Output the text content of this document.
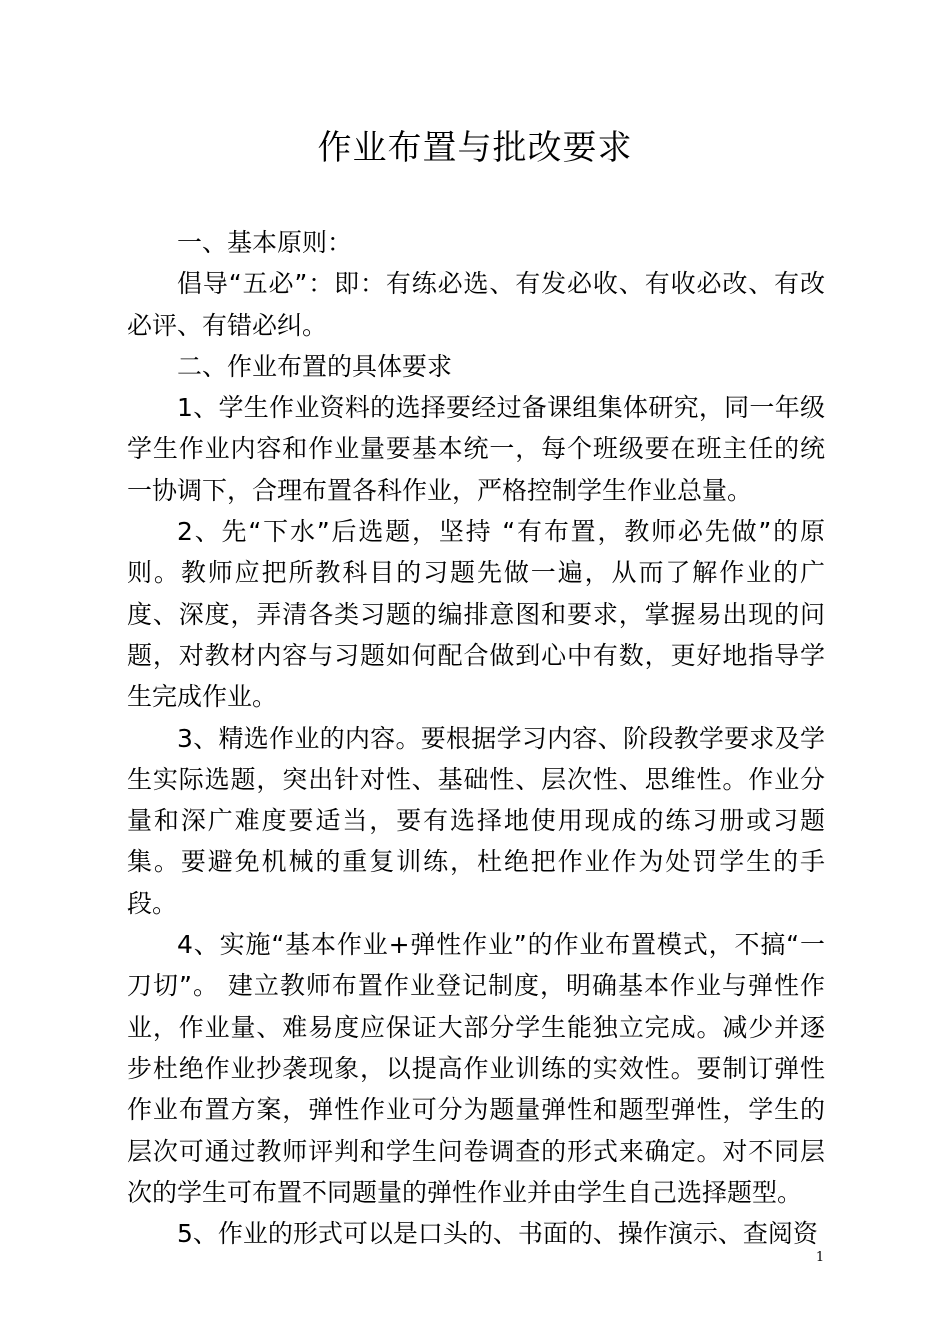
作业布置与批改要求

一、基本原则：

倡导“五必”：即：有练必选、有发必收、有收必改、有改必评、有错必纠。

二、作业布置的具体要求

1、学生作业资料的选择要经过备课组集体研究，同一年级学生作业内容和作业量要基本统一，每个班级要在班主任的统一协调下，合理布置各科作业，严格控制学生作业总量。

2、先“下水”后选题，坚持 “有布置，教师必先做”的原则。教师应把所教科目的习题先做一遍，从而了解作业的广度、深度，弄清各类习题的编排意图和要求，掌握易出现的问题，对教材内容与习题如何配合做到心中有数，更好地指导学生完成作业。

3、精选作业的内容。要根据学习内容、阶段教学要求及学生实际选题，突出针对性、基础性、层次性、思维性。作业分量和深广难度要适当，要有选择地使用现成的练习册或习题集。要避免机械的重复训练，杜绝把作业作为处罚学生的手段。

4、实施“基本作业+弹性作业”的作业布置模式，不搞“一刀切”。 建立教师布置作业登记制度，明确基本作业与弹性作业，作业量、难易度应保证大部分学生能独立完成。减少并逐步杜绝作业抄袭现象，以提高作业训练的实效性。要制订弹性作业布置方案，弹性作业可分为题量弹性和题型弹性，学生的层次可通过教师评判和学生问卷调查的形式来确定。对不同层次的学生可布置不同题量的弹性作业并由学生自己选择题型。

5、作业的形式可以是口头的、书面的、操作演示、查阅资

1
